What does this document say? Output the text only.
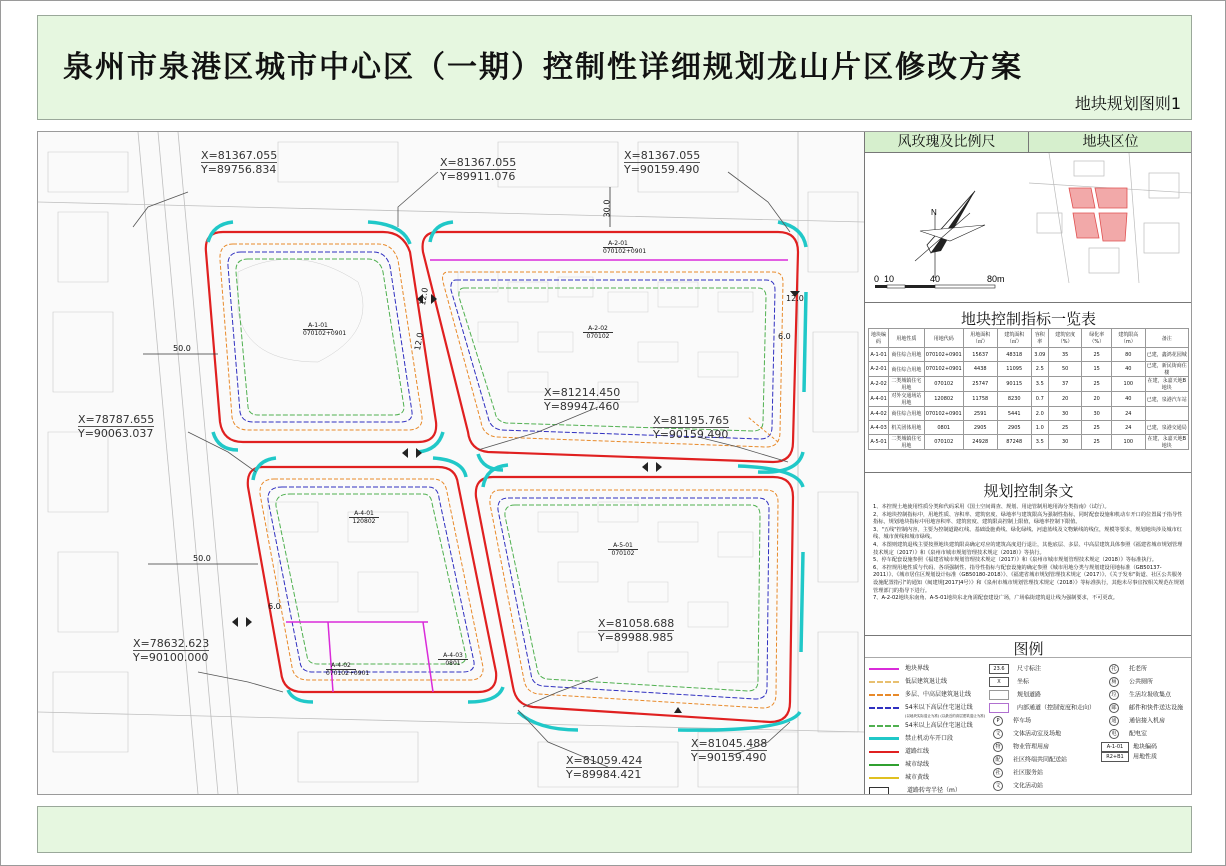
泉州市泉港区城市中心区（一期）控制性详细规划龙山片区修改方案
地块规划图则1
X=81367.055
Y=89756.834
X=81367.055
Y=89911.076
X=81367.055
Y=90159.490
X=81214.450
Y=89947.460
X=81195.765
Y=90159.490
X=78787.655
Y=90063.037
X=81058.688
Y=89988.985
X=78632.623
Y=90100.000
X=81045.488
Y=90159.490
X=81059.424
Y=89984.421
A-1-01
070102+0901
A-2-01
070102+0901
A-2-02
070102
A-4-01
120802
A-5-01
070102
A-4-02
070102+0901
A-4-03
0801
50.0
50.0
30.0
12.0
12.0
12.0	6.0
6.0
风玫瑰及比例尺	地块区位
N
0 10	40	80m
地块控制指标一览表
地块编码	用地性质	用地代码	用地面积（㎡）	建筑面积（㎡）	容积率	建筑密度（%）	绿化率（%）	建筑限高（m）	备注
A-1-01	商住综合用地	070102+0901	15637	48318	3.09	35	25	80	已建，鑫鸿花园城
A-2-01	商住综合用地	070102+0901	4438	11095	2.5	50	15	40	已建，新民街商住楼
A-2-02	二类城镇住宅用地	070102	25747	90115	3.5	37	25	100	在建，永嘉天地B地块
A-4-01	对外交通场站用地	120802	11758	8230	0.7	20	20	40	已建，泉港汽车站
A-4-02	商住综合用地	070102+0901	2591	5441	2.0	30	30	24	
A-4-03	机关团体用地	0801	2905	2905	1.0	25	25	24	已建，泉港交通局
A-5-01	二类城镇住宅用地	070102	24928	87248	3.5	30	25	100	在建，永嘉天地B地块
规划控制条文
1、本控规土地使用性质分类和代码采用《国土空间调查、规划、用途管制用地用海分类指南》（试行）。
2、本地块控制指标中，用地性质、容积率、建筑密度、绿地率与建筑限高为强制性指标，同时配套设施和机动车开口的位置属于指导性指标，规划地块指标中用地容积率、建筑密度、建筑限高控制上限值，绿地率控制下限值。
3、"五线"控制内容，主要为控制道路红线、基础设施黄线、绿化绿线、河道蓝线及文物紫线的线位，规模等要求，规划地块涉及城市红线、城市黄线和城市绿线。
4、本图则建筑退线主要按照地块建筑限高确定对应的建筑高度进行退让，其他底层、多层、中高层建筑具体参照《福建省城市规划管理技术规定（2017）》和《泉州市城市规划管理技术规定（2018）》等执行。
5、停车配套设施参照《福建省城市规划管理技术规定（2017）》和《泉州市城市规划管理技术规定（2018）》等标准执行。
6、本控规用地性质与代码、各项强制性、指导性指标与配套设施的确定参照《城市用地分类与规划建设用地标准（GB50137-2011）》、《城市居住区规划设计标准（GB50180-2018）》、《福建省城市规划管理技术规定（2017）》、《关于发布"街道、社区公共服务设施配置指引"的通知（闽建规[2017]4号）》和《泉州市城市规划管理技术规定（2018）》等标准执行，其他未尽事宜按相关规范在规划管理部门的指导下进行。
7、A-2-02地块东南角、A-5-01地块东北角需配套建设广场，广场临街建筑退让线为强制要求，不可更改。
图例
地块界线
低层建筑退让线
多层、中高层建筑退让线
54米以下高层住宅退让线
(以地块实际退让为准) (以最近的高层建筑退让为准)
54米以上高层住宅退让线
禁止机动车开口段
道路红线
城市绿线
城市黄线
道路转弯半径（m）
23.6 尺寸标注
X	坐标
规划道路
内部通道（控制宽度和走向）
P 停车场
文 文体活动室及场地
物 物业管理用房
配 社区终端共同配送站
社 社区服务站
文 文化活动站
托 托老所
厕 公共厕所
垃 生活垃圾收集点
邮 邮件和快件送达设施
通 通信接入机房
电 配电室
A-1-01 地块编码
R2+B1 用地性质
